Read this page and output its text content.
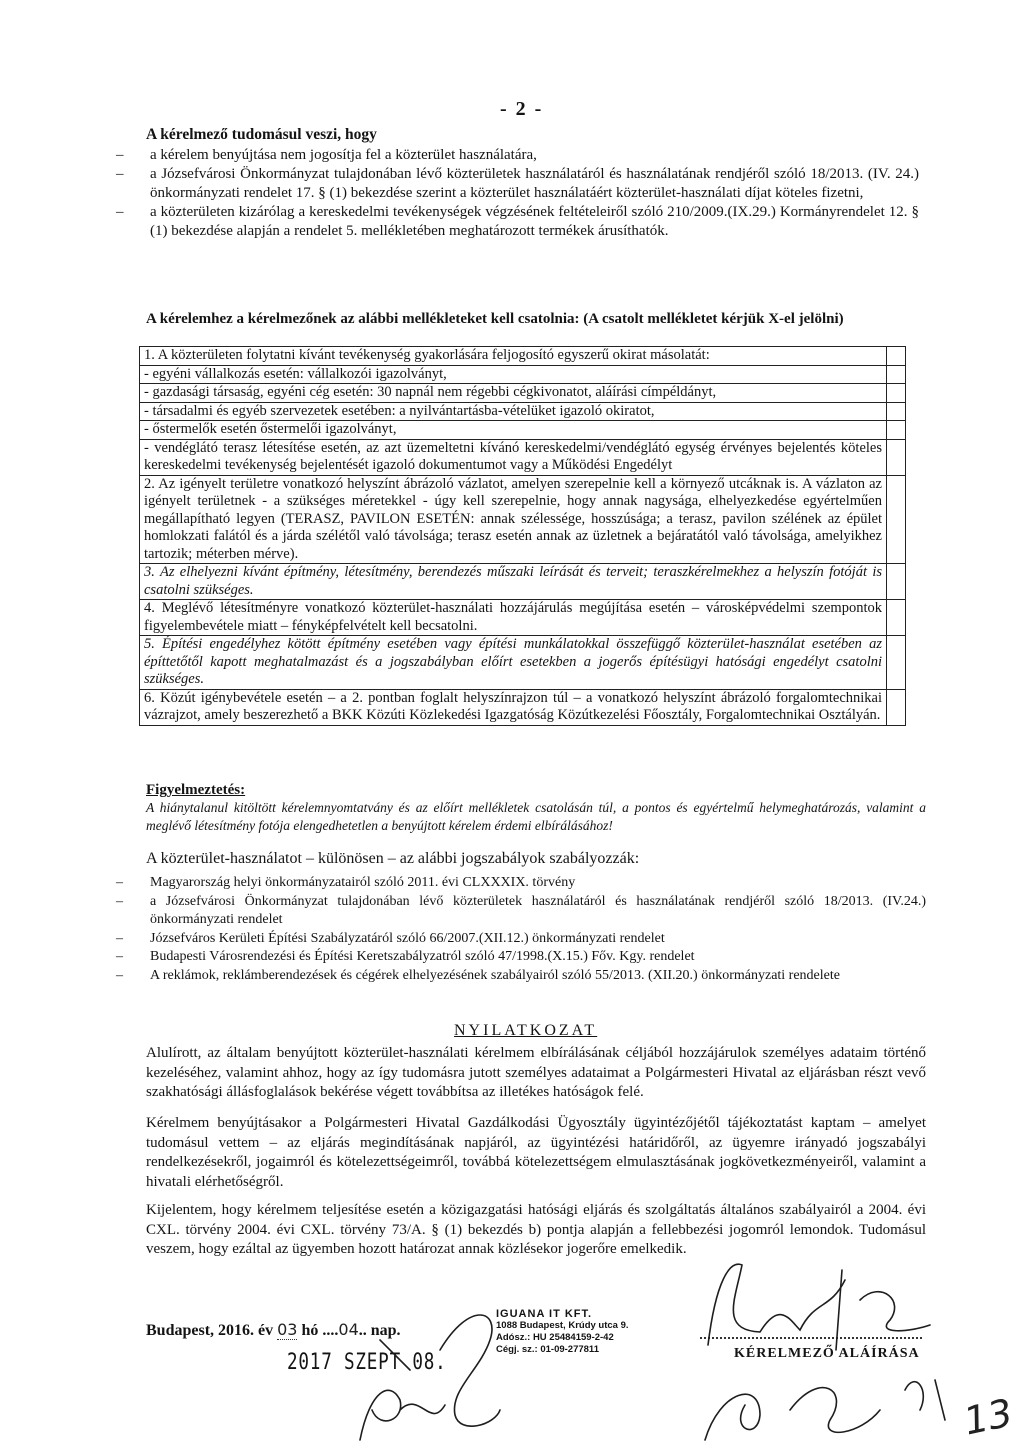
- 2 -
A kérelmező tudomásul veszi, hogy
– a kérelem benyújtása nem jogosítja fel a közterület használatára,
– a Józsefvárosi Önkormányzat tulajdonában lévő közterületek használatáról és használatának rendjéről szóló 18/2013. (IV. 24.) önkormányzati rendelet 17. § (1) bekezdése szerint a közterület használatáért közterület-használati díjat köteles fizetni,
– a közterületen kizárólag a kereskedelmi tevékenységek végzésének feltételeiről szóló 210/2009.(IX.29.) Kormányrendelet 12. § (1) bekezdése alapján a rendelet 5. mellékletében meghatározott termékek árusíthatók.
A kérelemhez a kérelmezőnek az alábbi mellékleteket kell csatolnia: (A csatolt mellékletet kérjük X-el jelölni)
1. A közterületen folytatni kívánt tevékenység gyakorlására feljogosító egyszerű okirat másolatát:	
- egyéni vállalkozás esetén: vállalkozói igazolványt,	
- gazdasági társaság, egyéni cég esetén: 30 napnál nem régebbi cégkivonatot, aláírási címpéldányt,	
- társadalmi és egyéb szervezetek esetében: a nyilvántartásba-vételüket igazoló okiratot,	
- őstermelők esetén őstermelői igazolványt,	
- vendéglátó terasz létesítése esetén, az azt üzemeltetni kívánó kereskedelmi/vendéglátó egység érvényes bejelentés köteles kereskedelmi tevékenység bejelentését igazoló dokumentumot vagy a Működési Engedélyt	
2. Az igényelt területre vonatkozó helyszínt ábrázoló vázlatot, amelyen szerepelnie kell a környező utcáknak is. A vázlaton az igényelt területnek - a szükséges méretekkel - úgy kell szerepelnie, hogy annak nagysága, elhelyezkedése egyértelműen megállapítható legyen (TERASZ, PAVILON ESETÉN: annak szélessége, hosszúsága; a terasz, pavilon szélének az épület homlokzati falától és a járda szélétől való távolsága; terasz esetén annak az üzletnek a bejáratától való távolsága, amelyikhez tartozik; méterben mérve).	
3. Az elhelyezni kívánt építmény, létesítmény, berendezés műszaki leírását és terveit; teraszkérelmekhez a helyszín fotóját is csatolni szükséges.	
4. Meglévő létesítményre vonatkozó közterület-használati hozzájárulás megújítása esetén – városképvédelmi szempontok figyelembevétele miatt – fényképfelvételt kell becsatolni.	
5. Építési engedélyhez kötött építmény esetében vagy építési munkálatokkal összefüggő közterület-használat esetében az építtetőtől kapott meghatalmazást és a jogszabályban előírt esetekben a jogerős építésügyi hatósági engedélyt csatolni szükséges.	
6. Közút igénybevétele esetén – a 2. pontban foglalt helyszínrajzon túl – a vonatkozó helyszínt ábrázoló forgalomtechnikai vázrajzot, amely beszerezhető a BKK Közúti Közlekedési Igazgatóság Közútkezelési Főosztály, Forgalomtechnikai Osztályán.	
Figyelmeztetés:
A hiánytalanul kitöltött kérelemnyomtatvány és az előírt mellékletek csatolásán túl, a pontos és egyértelmű helymeghatározás, valamint a meglévő létesítmény fotója elengedhetetlen a benyújtott kérelem érdemi elbírálásához!
A közterület-használatot – különösen – az alábbi jogszabályok szabályozzák:
– Magyarország helyi önkormányzatairól szóló 2011. évi CLXXXIX. törvény
– a Józsefvárosi Önkormányzat tulajdonában lévő közterületek használatáról és használatának rendjéről szóló 18/2013. (IV.24.) önkormányzati rendelet
– Józsefváros Kerületi Építési Szabályzatáról szóló 66/2007.(XII.12.) önkormányzati rendelet
– Budapesti Városrendezési és Építési Keretszabályzatról szóló 47/1998.(X.15.) Főv. Kgy. rendelet
– A reklámok, reklámberendezések és cégérek elhelyezésének szabályairól szóló 55/2013. (XII.20.) önkormányzati rendelete
NYILATKOZAT
Alulírott, az általam benyújtott közterület-használati kérelmem elbírálásának céljából hozzájárulok személyes adataim történő kezeléséhez, valamint ahhoz, hogy az így tudomásra jutott személyes adataimat a Polgármesteri Hivatal az eljárásban részt vevő szakhatósági állásfoglalások bekérése végett továbbítsa az illetékes hatóságok felé.
Kérelmem benyújtásakor a Polgármesteri Hivatal Gazdálkodási Ügyosztály ügyintézőjétől tájékoztatást kaptam – amelyet tudomásul vettem – az eljárás megindításának napjáról, az ügyintézési határidőről, az ügyemre irányadó jogszabályi rendelkezésekről, jogaimról és kötelezettségeimről, továbbá kötelezettségem elmulasztásának jogkövetkezményeiről, valamint a hivatali elérhetőségről.
Kijelentem, hogy kérelmem teljesítése esetén a közigazgatási hatósági eljárás és szolgáltatás általános szabályairól a 2004. évi CXL. törvény 2004. évi CXL. törvény 73/A. § (1) bekezdés b) pontja alapján a fellebbezési jogomról lemondok. Tudomásul veszem, hogy ezáltal az ügyemben hozott határozat annak közlésekor jogerőre emelkedik.
Budapest, 2016. év 03 hó ....04.. nap.
2017 SZEPT 08.
IGUANA IT KFT.
1088 Budapest, Krúdy utca 9.
Adósz.: HU 25484159-2-42
Cégj. sz.: 01-09-277811	KÉRELMEZŐ ALÁÍRÁSA
13
